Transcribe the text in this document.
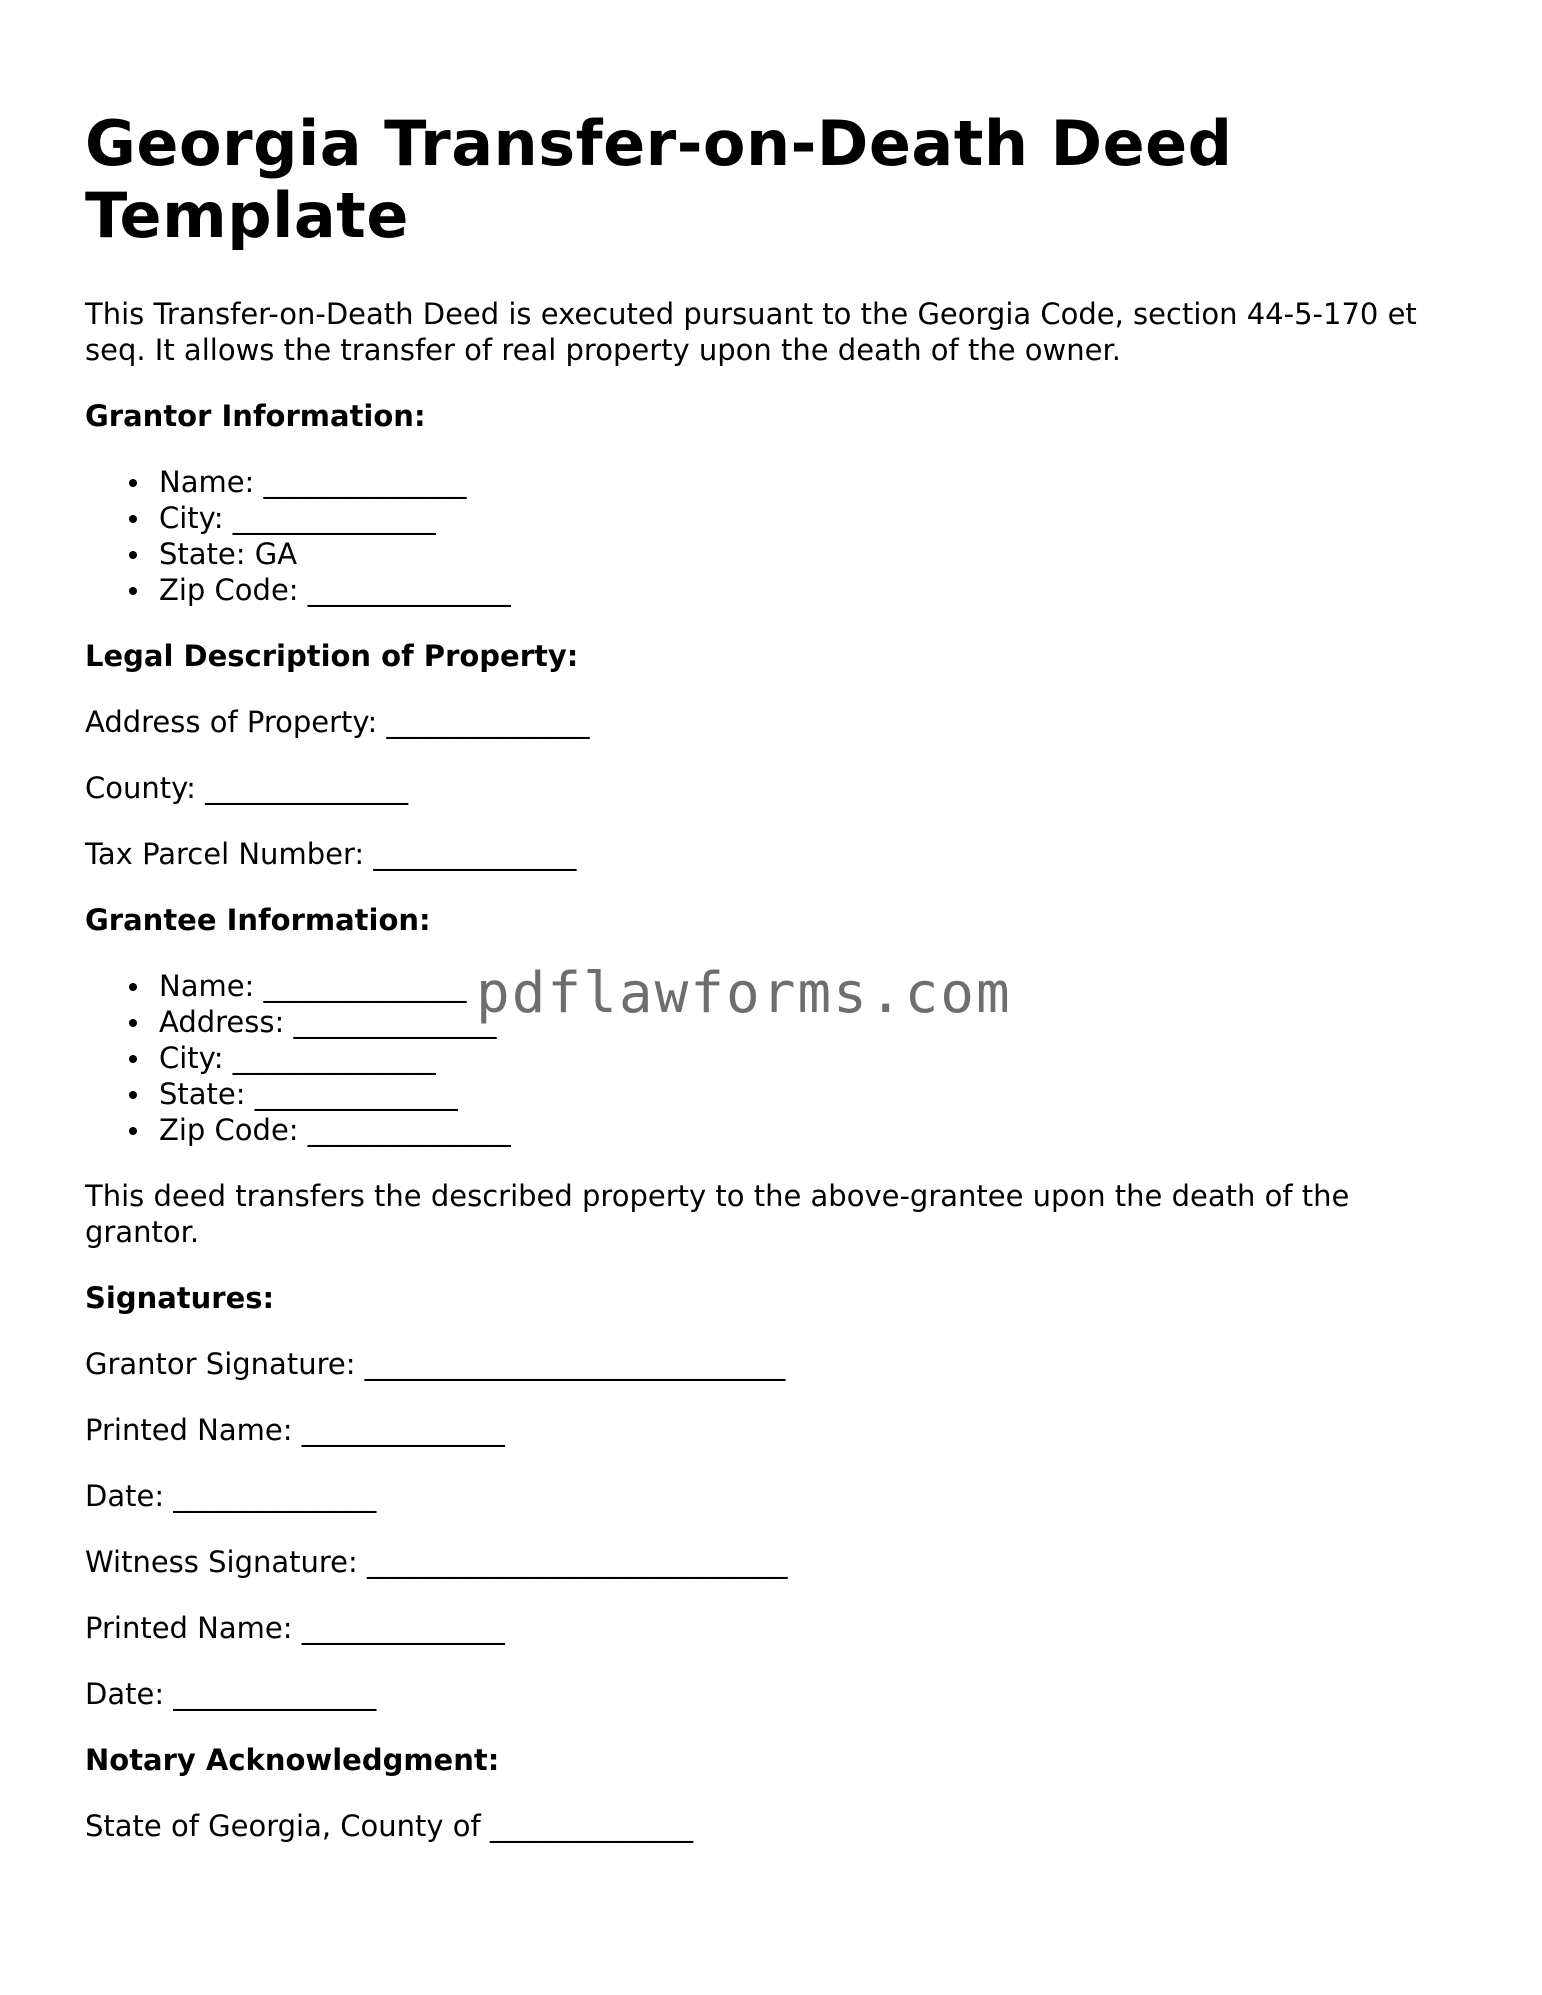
Georgia Transfer-on-Death Deed Template

This Transfer-on-Death Deed is executed pursuant to the Georgia Code, section 44-5-170 et seq. It allows the transfer of real property upon the death of the owner.

Grantor Information:
Name: ______________
City: ______________
State: GA
Zip Code: ______________
Legal Description of Property:

Address of Property: ______________

County: ______________

Tax Parcel Number: ______________

Grantee Information:
Name: ______________
Address: ______________
City: ______________
State: ______________
Zip Code: ______________

This deed transfers the described property to the above-grantee upon the death of the grantor.

Signatures:

Grantor Signature: _____________________________

Printed Name: ______________

Date: ______________

Witness Signature: _____________________________

Printed Name: ______________

Date: ______________

Notary Acknowledgment:

State of Georgia, County of ______________

pdflawforms.com
